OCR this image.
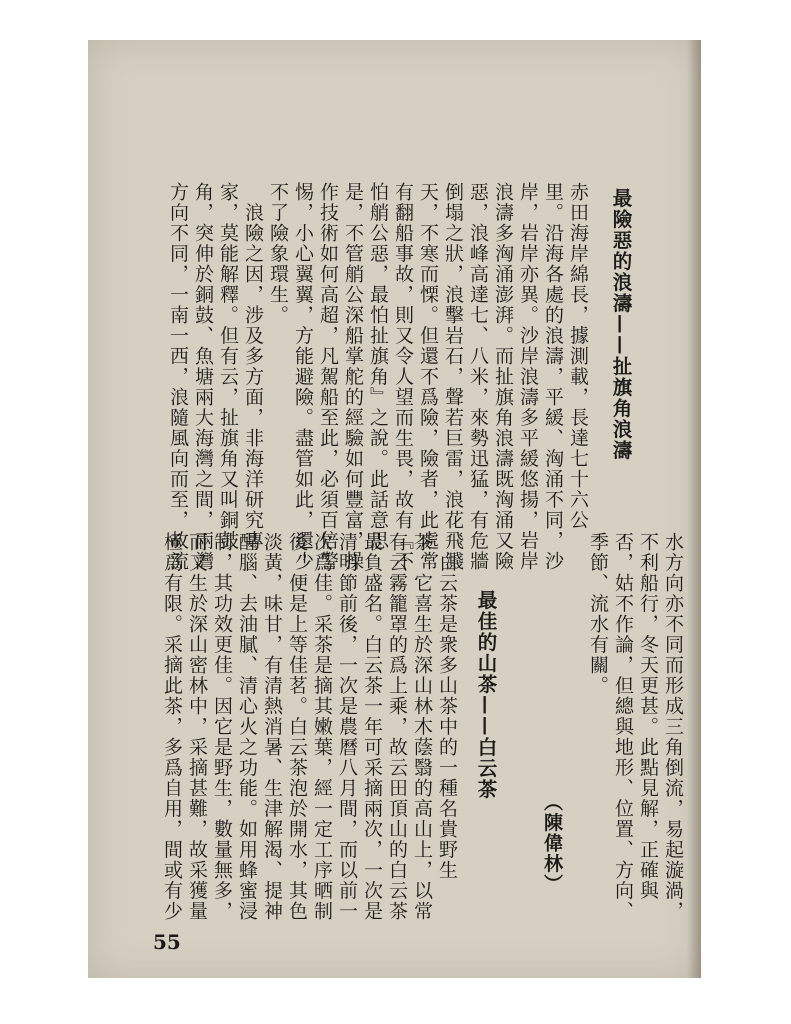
最險惡的浪濤——扯旗角浪濤
赤田海岸綿長，據測載，長達七十六公
里。沿海各處的浪濤，平緩、洶涌不同，沙
岸，岩岸亦異。沙岸浪濤多平緩悠揚，岩岸
浪濤多洶涌澎湃。而扯旗角浪濤既洶涌又險
惡，浪峰高達七、八米，來勢迅猛，有危牆
倒塌之狀，浪擊岩石，聲若巨雷，浪花飛濺
天，不寒而慄。但還不爲險，險者，此處常
有翻船事故，則又令人望而生畏，故有『不
怕艄公惡，最怕扯旗角』之說。此話意思
是，不管艄公深船掌舵的經驗如何豐富，操
作技術如何高超，凡駕船至此，必須百倍警
惕，小心翼翼，方能避險。盡管如此，還少
不了險象環生。
　浪險之因，涉及多方面，非海洋研究專
家，莫能解釋。但有云，扯旗角又叫銅鼓
角，突伸於銅鼓、魚塘兩大海灣之間，兩灣
方向不同，一南一西，浪隨風向而至，故流
水方向亦不同而形成三角倒流，易起漩渦，
不利船行，冬天更甚。此點見解，正確與
否，姑不作論，但總與地形、位置、方向、
季節、流水有關。
（陳偉林）
最佳的山茶——白云茶
　白云茶是衆多山茶中的一種名貴野生
茶。它喜生於深山林木蔭翳的高山上，以常
有云霧籠罩的爲上乘，故云田頂山的白云茶
最負盛名。白云茶一年可采摘兩次，一次是
清明節前後，一次是農曆八月間，而以前一
次爲佳。采茶是摘其嫩葉，經一定工序晒制
後，便是上等佳茗。白云茶泡於開水，其色
淡黃，味甘，有清熱消暑、生津解渴、提神
醒腦、去油膩、清心火之功能。如用蜂蜜浸
制，其功效更佳。因它是野生，數量無多，
而又生於深山密林中，采摘甚難，故采獲量
極爲有限。采摘此茶，多爲自用，間或有少
55
